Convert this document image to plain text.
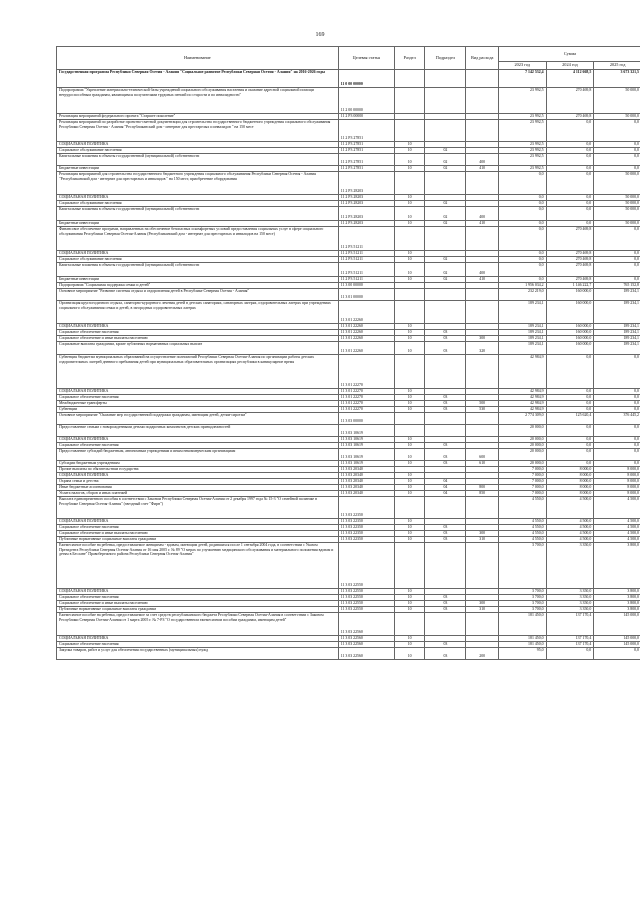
169
Наименование	Целевая статья	Раздел	Подраздел	Вид расхода	Сумма		
					2023 год	2024 год	2025 год
Государственная программа Республики Северная Осетия - Алания "Социальное развитие Республики Северная Осетия - Алания" на 2016-2026 годы	11 0 00 00000				7 142 532,4	4 112 668,5	3 673 321,5
Подпрограмма "Укрепление материально-технической базы учреждений социального обслуживания населения и оказание адресной социальной помощи нетрудоспособным гражданам, являющимся получателями трудовых пенсий по старости и по инвалидности"	11 2 00 00000				23 992,5	270 469,8	50 000,0
Реализация мероприятий федерального проекта "Старшее поколение"	11 2 P3 00000				23 992,5	270 469,8	50 000,0
Реализация мероприятий по разработке проектно-сметной документации для строительства государственного бюджетного учреждения социального обслуживания Республики Северная Осетия - Алания "Республиканский дом - интернат для престарелых и инвалидов " на 150 мест	11 2 P3 27851				23 992,5	0,0	0,0
СОЦИАЛЬНАЯ ПОЛИТИКА	11 2 P3 27851	10			23 992,5	0,0	0,0
Социальное обслуживание населения	11 2 P3 27851	10	02		23 992,5	0,0	0,0
Капитальные вложения в объекты государственной (муниципальной) собственности	11 2 P3 27851	10	02	400	23 992,5	0,0	0,0
Бюджетные инвестиции	11 2 P3 27851	10	02	410	23 992,5	0,0	0,0
Реализация мероприятий для строительства государственного бюджетного учреждения социального обслуживания Республики Северная Осетия - Алания "Республиканский дом - интернат для престарелых и инвалидов " на 150 мест, приобретение оборудования	11 2 P3 28203				0,0	0,0	50 000,0
СОЦИАЛЬНАЯ ПОЛИТИКА	11 2 P3 28203	10			0,0	0,0	50 000,0
Социальное обслуживание населения	11 2 P3 28203	10	02		0,0	0,0	50 000,0
Капитальные вложения в объекты государственной (муниципальной) собственности	11 2 P3 28203	10	02	400	0,0	0,0	50 000,0
Бюджетные инвестиции	11 2 P3 28203	10	02	410	0,0	0,0	50 000,0
Финансовое обеспечение программ, направленных на обеспечение безопасных и комфортных условий предоставления социальных услуг в сфере социального обслуживания Республики Северная Осетия-Алания (Республиканский дом - интернат для престарелых и инвалидов на 150 мест)	11 2 P3 51211				0,0	270 469,8	0,0
СОЦИАЛЬНАЯ ПОЛИТИКА	11 2 P3 51211	10			0,0	270 469,8	0,0
Социальное обслуживание населения	11 2 P3 51211	10	02		0,0	270 469,8	0,0
Капитальные вложения в объекты государственной (муниципальной) собственности	11 2 P3 51211	10	02	400	0,0	270 469,8	0,0
Бюджетные инвестиции	11 2 P3 51211	10	02	410	0,0	270 469,8	0,0
Подпрограмма "Социальная поддержка семьи и детей"	11 3 00 00000				1 956 034,2	1 146 222,7	765 152,8
Основное мероприятие "Развитие системы отдыха и оздоровления детей в Республике Северная Осетия - Алания"	11 3 01 00000				232 219,0	160 000,0	189 234,1
Организация круглогодичного отдыха, санаторно-курортного лечения детей в детских санаториях, санаторных лагерях, оздоровительных лагерях при учреждениях социального обслуживания семьи и детей, в загородных оздоровительных лагерях	11 3 01 22260				189 234,1	160 000,0	189 234,1
СОЦИАЛЬНАЯ ПОЛИТИКА	11 3 01 22260	10			189 234,1	160 000,0	189 234,1
Социальное обеспечение населения	11 3 01 22260	10	03		189 234,1	160 000,0	189 234,1
Социальное обеспечение и иные выплаты населению	11 3 01 22260	10	03	300	189 234,1	160 000,0	189 234,1
Социальные выплаты гражданам, кроме публичных нормативных социальных выплат	11 3 01 22260	10	03	320	189 234,1	160 000,0	189 234,1
Субвенция бюджетам муниципальных образований на осуществление полномочий Республики Северная Осетия-Алания по организации работы детских оздоровительных лагерей дневного пребывания детей при муниципальных образовательных организациях республики в каникулярное время	11 3 01 22270				42 984,9	0,0	0,0
СОЦИАЛЬНАЯ ПОЛИТИКА	11 3 01 22270	10			42 984,9	0,0	0,0
Социальное обеспечение населения	11 3 01 22270	10	03		42 984,9	0,0	0,0
Межбюджетные трансферты	11 3 01 22270	10	03	500	42 984,9	0,0	0,0
Субвенции	11 3 01 22270	10	03	530	42 984,9	0,0	0,0
Основное мероприятие "Оказание мер государственной поддержки гражданам, имеющим детей, детям-сиротам"	11 3 03 00000				2 774 309,0	125 620,4	376 445,2
Предоставление семьям с новорожденными детьми подарочных комплектов детских принадлежностей	11 3 03 10619				20 000,0	0,0	0,0
СОЦИАЛЬНАЯ ПОЛИТИКА	11 3 03 10619	10			20 000,0	0,0	0,0
Социальное обеспечение населения	11 3 03 10619	10	03		20 000,0	0,0	0,0
Предоставление субсидий бюджетным, автономным учреждениям и иным некоммерческим организациям	11 3 03 10619	10	03	600	20 000,0	0,0	0,0
Субсидии бюджетным учреждениям	11 3 03 10619	10	03	610	20 000,0	0,0	0,0
Прочие выплаты по обязательствам государства	11 3 03 20340				7 000,0	8 000,0	8 000,0
СОЦИАЛЬНАЯ ПОЛИТИКА	11 3 03 20340	10			7 000,0	8 000,0	8 000,0
Охрана семьи и детства	11 3 03 20340	10	04		7 000,0	8 000,0	8 000,0
Иные бюджетные ассигнования	11 3 03 20340	10	04	800	7 000,0	8 000,0	8 000,0
Уплата налогов, сборов и иных платежей	11 3 03 20340	10	04	850	7 000,0	8 000,0	8 000,0
Выплата единовременного пособия в соответствии с Законом Республики Северная Осетия-Алания от 2 декабря 1997 года № 15-3 "О семейной политике в Республике Северная Осетия-Алания" (звездный счет "Фирн")	11 3 03 22350				4 550,0	4 500,0	4 500,0
СОЦИАЛЬНАЯ ПОЛИТИКА	11 3 03 22350	10			4 550,0	4 500,0	4 500,0
Социальное обеспечение населения	11 3 03 22350	10	03		4 550,0	4 500,0	4 500,0
Социальное обеспечение и иные выплаты населению	11 3 03 22350	10	03	300	4 550,0	4 500,0	4 500,0
Публичные нормативные социальные выплаты гражданам	11 3 03 22350	10	03	310	4 550,0	4 500,0	4 500,0
Ежемесячное пособие на ребенка, предоставляемое женщинам - вдовам, имеющим детей, родившихся после 1 сентября 2004 года, в соответствии с Указом Президента Республики Северная Осетия-Алания от 16 мая 2005 г. № 89 "О мерах по улучшению медицинского обслуживания и материального положения вдовам и детям в Беслане" Правобережного района Республики Северная Осетия-Алания"	11 3 03 22550				3 700,0	3 350,0	3 800,0
СОЦИАЛЬНАЯ ПОЛИТИКА	11 3 03 22550	10			3 700,0	3 350,0	3 800,0
Социальное обеспечение населения	11 3 03 22550	10	03		3 700,0	3 350,0	3 800,0
Социальное обеспечение и иные выплаты населению	11 3 03 22550	10	03	300	3 700,0	3 350,0	3 800,0
Публичные нормативные социальные выплаты гражданам	11 3 03 22550	10	03	310	3 700,0	3 350,0	3 800,0
Ежемесячное пособие на ребенка, предоставляемое за счет средств республиканского бюджета Республики Северная Осетия-Алания в соответствии с Законом Республики Северная Осетия-Алания от 1 марта 2005 г. № 7-РЗ "О государственном ежемесячном пособии гражданам, имеющим детей"	11 3 03 22560				181 450,0	137 170,4	145 000,0
СОЦИАЛЬНАЯ ПОЛИТИКА	11 3 03 22560	10			181 450,0	137 170,4	145 000,0
Социальное обеспечение населения	11 3 03 22560	10	03		181 450,0	137 170,4	145 000,0
Закупка товаров, работ и услуг для обеспечения государственных (муниципальных) нужд	11 3 03 22560	10	03	200	95,0	0,0	0,0
